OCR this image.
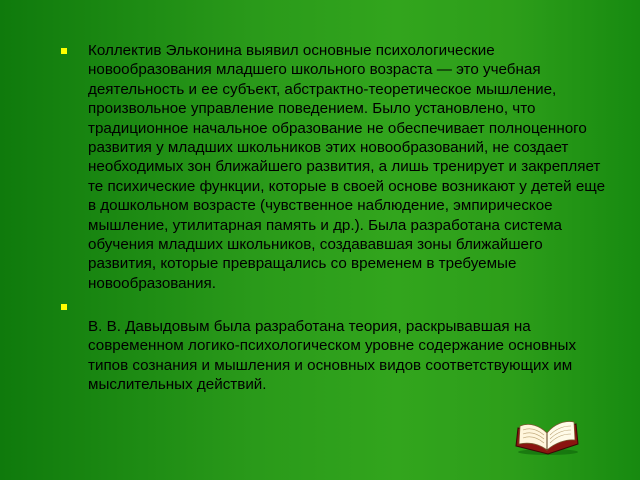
Коллектив Эльконина выявил основные психологические новообразования младшего школьного возраста — это учебная деятельность и ее субъект, абстрактно-теоретическое мышление, произвольное управление поведением. Было установлено, что традиционное начальное образование не обеспечивает полноценного развития у младших школьников этих новообразований, не создает необходимых зон ближайшего развития, а лишь тренирует и закрепляет те психические функции, которые в своей основе возникают у детей еще в дошкольном возрасте (чувственное наблюдение, эмпирическое мышление, утилитарная память и др.). Была разработана система обучения младших школьников, создававшая зоны ближайшего развития, которые превращались со временем в требуемые новообразования.

В. В. Давыдовым была разработана теория, раскрывавшая на современном логико-психологическом уровне содержание основных типов сознания и мышления и основных видов соответствующих им мыслительных действий.
